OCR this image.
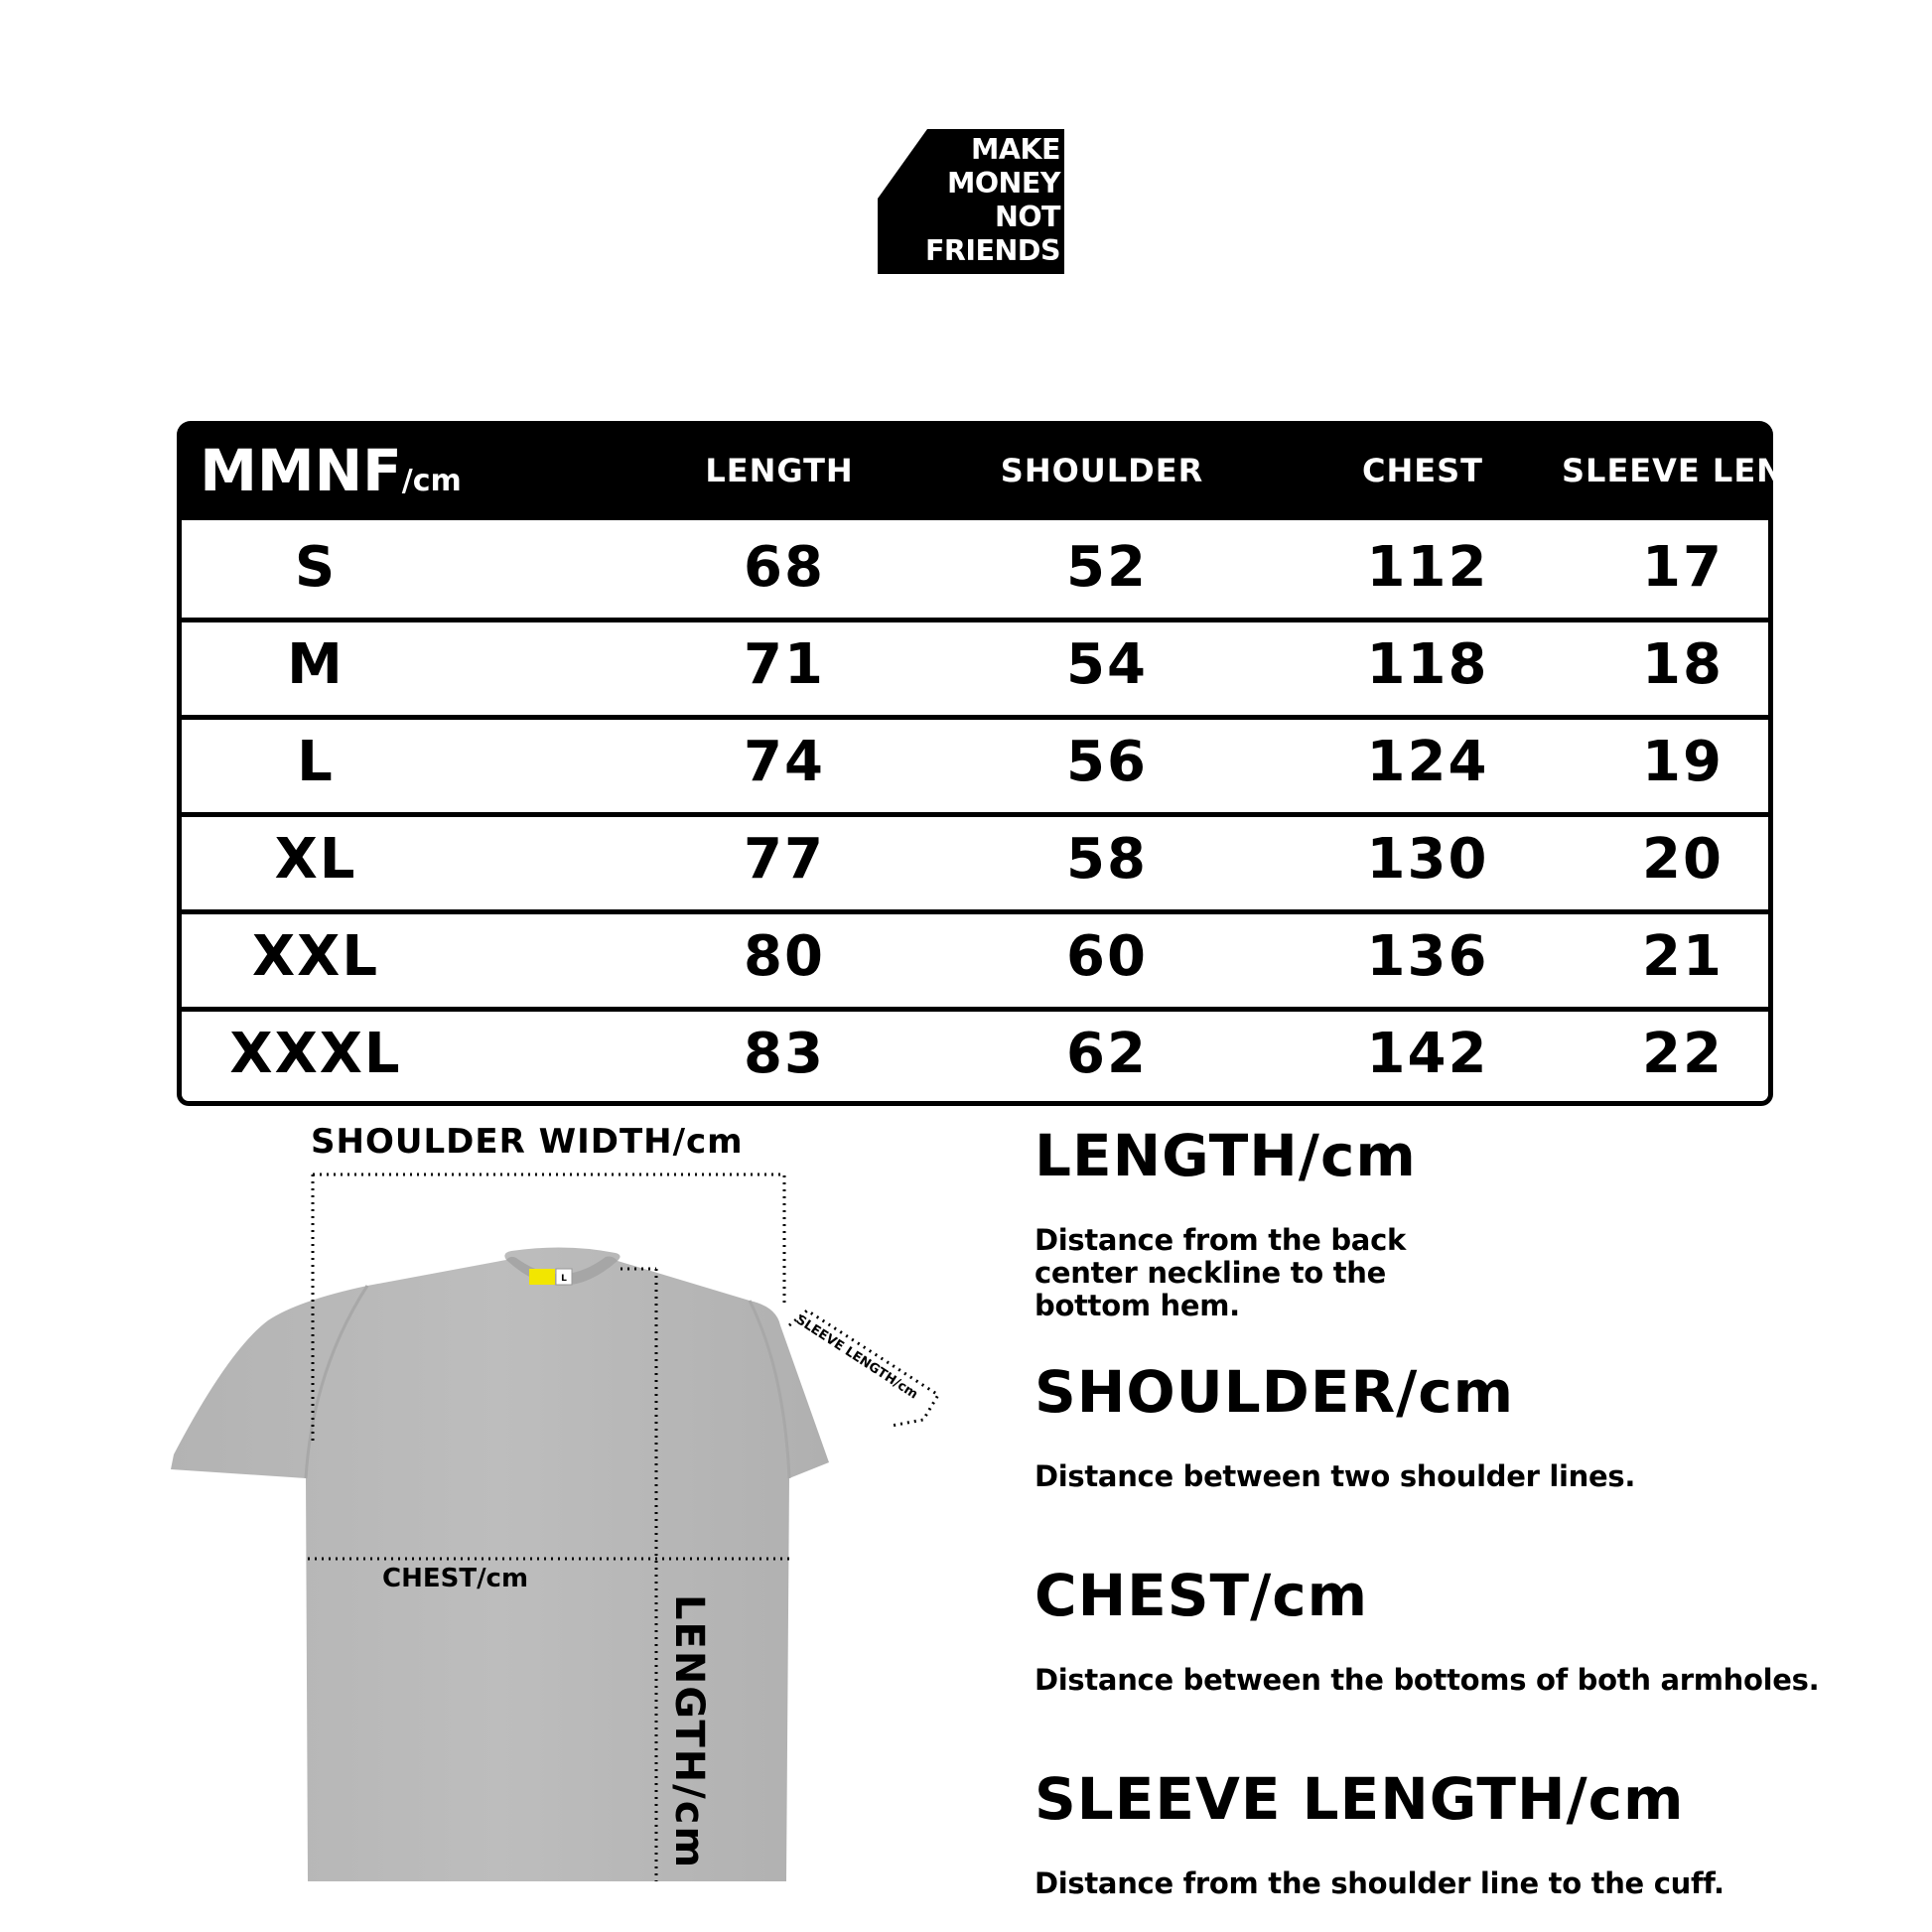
MAKE
MONEY
NOT
FRIENDS
MMNF/cm	LENGTH	SHOULDER	CHEST	SLEEVE LENGTH
S	68	52	112	17
M	71	54	118	18
L	74	56	124	19
XL	77	58	130	20
XXL	80	60	136	21
XXXL	83	62	142	22
L
SHOULDER WIDTH/cm
CHEST/cm
LENGTH/cm
SLEEVE LENGTH/cm
LENGTH/cm

Distance from the back center neckline to the bottom hem.

SHOULDER/cm

Distance between two shoulder lines.

CHEST/cm

Distance between the bottoms of both armholes.

SLEEVE LENGTH/cm

Distance from the shoulder line to the cuff.
